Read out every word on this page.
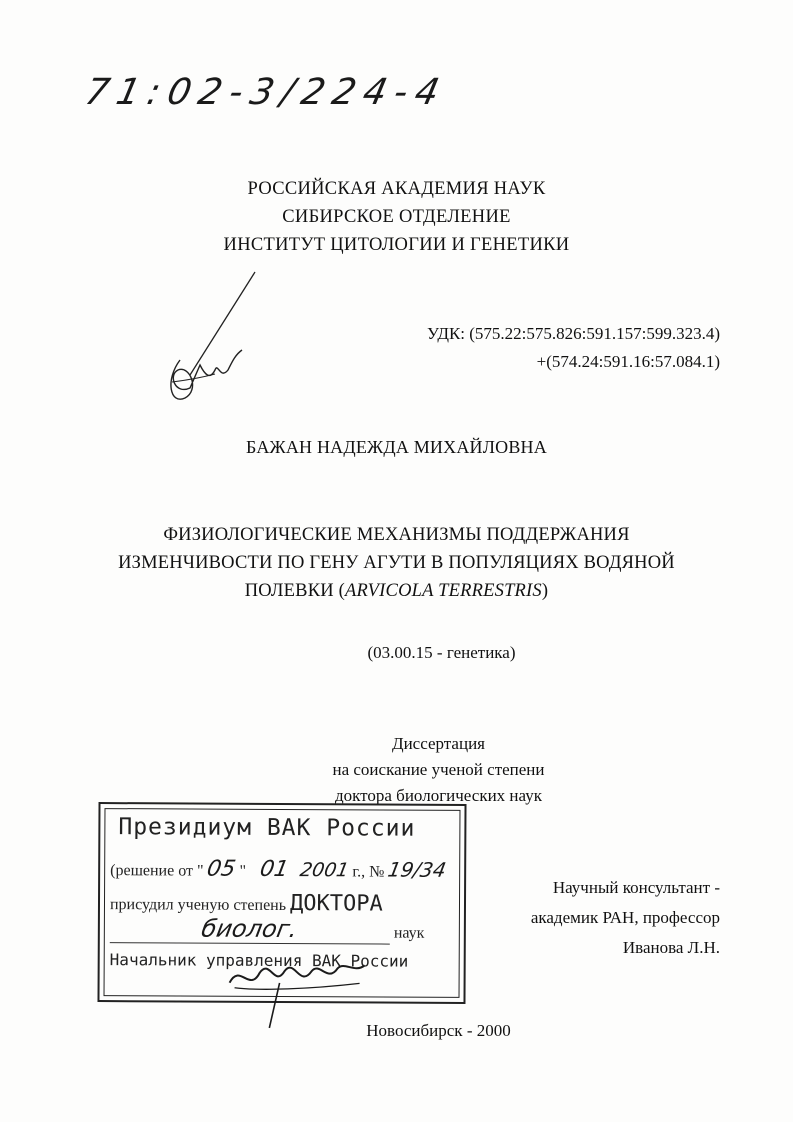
71:02-3/224-4
РОССИЙСКАЯ АКАДЕМИЯ НАУК
СИБИРСКОЕ ОТДЕЛЕНИЕ
ИНСТИТУТ ЦИТОЛОГИИ И ГЕНЕТИКИ
УДК: (575.22:575.826:591.157:599.323.4)
+(574.24:591.16:57.084.1)
БАЖАН НАДЕЖДА МИХАЙЛОВНА
ФИЗИОЛОГИЧЕСКИЕ МЕХАНИЗМЫ ПОДДЕРЖАНИЯ
ИЗМЕНЧИВОСТИ ПО ГЕНУ АГУТИ В ПОПУЛЯЦИЯХ ВОДЯНОЙ
ПОЛЕВКИ (ARVICOLA TERRESTRIS)
(03.00.15 - генетика)
Диссертация
на соискание ученой степени
доктора биологических наук
Президиум ВАК России
(решение от " 05 " 01 2001 г., № 19/34
присудил ученую степень ДОКТОРА
биолог.	наук
Начальник управления ВАК России
Научный консультант -
академик РАН, профессор
Иванова Л.Н.
Новосибирск - 2000
